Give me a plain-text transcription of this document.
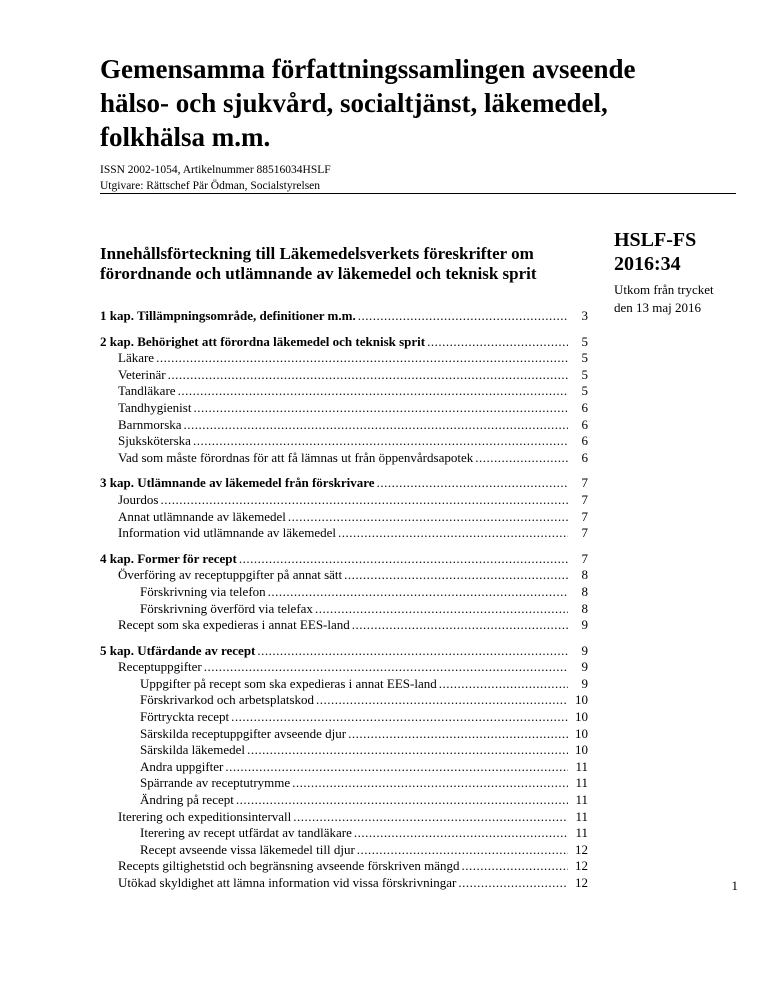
Gemensamma författningssamlingen avseende hälso- och sjukvård, socialtjänst, läkemedel, folkhälsa m.m.
ISSN 2002-1054, Artikelnummer 88516034HSLF
Utgivare: Rättschef Pär Ödman, Socialstyrelsen
HSLF-FS
2016:34
Utkom från trycket
den 13 maj 2016
Innehållsförteckning till Läkemedelsverkets föreskrifter om förordnande och utlämnande av läkemedel och teknisk sprit
1 kap. Tillämpningsområde, definitioner m.m. .....	3
2 kap. Behörighet att förordna läkemedel och teknisk sprit .....	5
Läkare .....	5
Veterinär .....	5
Tandläkare .....	5
Tandhygienist .....	6
Barnmorska .....	6
Sjuksköterska .....	6
Vad som måste förordnas för att få lämnas ut från öppenvårdsapotek .....	6
3 kap. Utlämnande av läkemedel från förskrivare .....	7
Jourdos .....	7
Annat utlämnande av läkemedel .....	7
Information vid utlämnande av läkemedel .....	7
4 kap. Former för recept .....	7
Överföring av receptuppgifter på annat sätt .....	8
Förskrivning via telefon .....	8
Förskrivning överförd via telefax .....	8
Recept som ska expedieras i annat EES-land .....	9
5 kap. Utfärdande av recept .....	9
Receptuppgifter .....	9
Uppgifter på recept som ska expedieras i annat EES-land .....	9
Förskrivarkod och arbetsplatskod .....	10
Förtryckta recept .....	10
Särskilda receptuppgifter avseende djur .....	10
Särskilda läkemedel .....	10
Andra uppgifter .....	11
Spärrande av receptutrymme .....	11
Ändring på recept .....	11
Iterering och expeditionsintervall .....	11
Iterering av recept utfärdat av tandläkare .....	11
Recept avseende vissa läkemedel till djur .....	12
Recepts giltighetstid och begränsning avseende förskriven mängd .....	12
Utökad skyldighet att lämna information vid vissa förskrivningar .....	12	1
